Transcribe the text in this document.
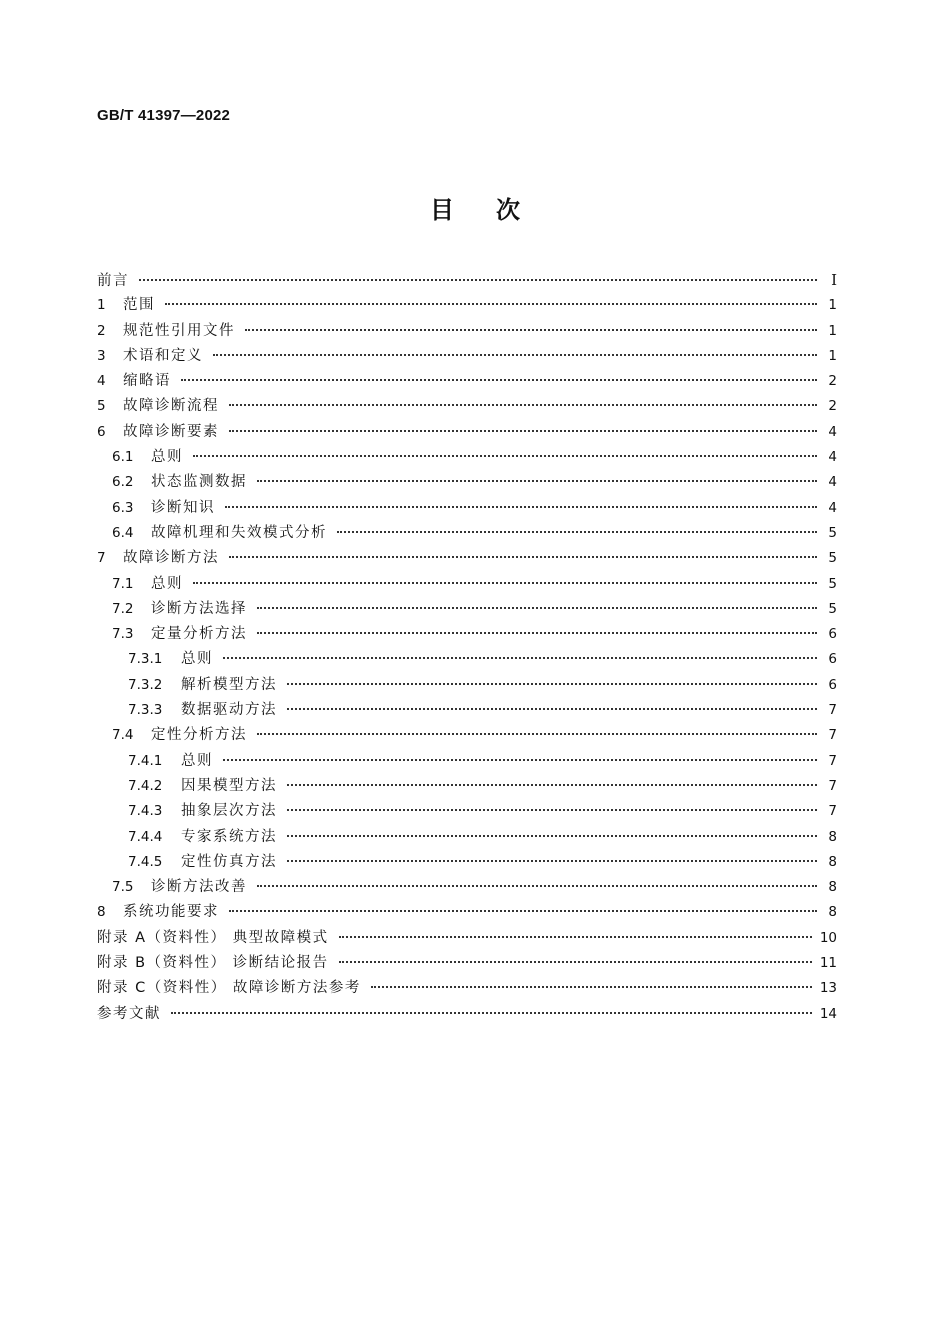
GB/T 41397—2022
目 次
前言	I
1	范围	1
2	规范性引用文件	1
3	术语和定义	1
4	缩略语	2
5	故障诊断流程	2
6	故障诊断要素	4
6.1	总则	4
6.2	状态监测数据	4
6.3	诊断知识	4
6.4	故障机理和失效模式分析	5
7	故障诊断方法	5
7.1	总则	5
7.2	诊断方法选择	5
7.3	定量分析方法	6
7.3.1	总则	6
7.3.2	解析模型方法	6
7.3.3	数据驱动方法	7
7.4	定性分析方法	7
7.4.1	总则	7
7.4.2	因果模型方法	7
7.4.3	抽象层次方法	7
7.4.4	专家系统方法	8
7.4.5	定性仿真方法	8
7.5	诊断方法改善	8
8	系统功能要求	8
附录 A（资料性） 典型故障模式	10
附录 B（资料性） 诊断结论报告	11
附录 C（资料性） 故障诊断方法参考	13
参考文献	14
